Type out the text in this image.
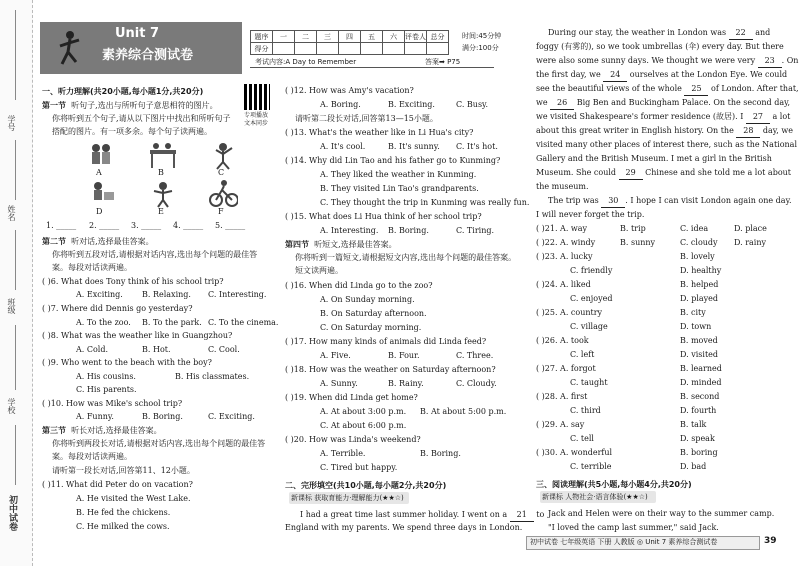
学号
姓名
班级
学校
初中试卷
Unit 7
素养综合测试卷
题序	一	二	三	四	五	六	评卷人	总分
得分								
时间:45分钟
满分:100分
考试内容:A Day to Remember	答案➡ P75
一、听力理解(共20小题,每小题1分,共20分)
专项播放
文本同步
第一节 听句子,选出与所听句子意思相符的图片。
你将听到五个句子,请从以下图片中找出和所听句子搭配的图片。有一项多余。每个句子读两遍。
A	B	C
D	E	F
1. _____ 2. _____ 3. _____ 4. _____ 5. _____
第二节 听对话,选择最佳答案。
你将听到五段对话,请根据对话内容,选出每个问题的最佳答案。每段对话读两遍。
( )6. What does Tony think of his school trip?
A. Exciting. B. Relaxing. C. Interesting.
( )7. Where did Dennis go yesterday?
A. To the zoo. B. To the park. C. To the cinema.
( )8. What was the weather like in Guangzhou?
A. Cold.	B. Hot.	C. Cool.
( )9. Who went to the beach with the boy?
A. His cousins.	B. His classmates.
C. His parents.
( )10. How was Mike's school trip?
A. Funny.	B. Boring.	C. Exciting.
第三节 听长对话,选择最佳答案。
你将听到两段长对话,请根据对话内容,选出每个问题的最佳答案。每段对话读两遍。
请听第一段长对话,回答第11、12小题。
( )11. What did Peter do on vacation?
A. He visited the West Lake.
B. He fed the chickens.
C. He milked the cows.
( )12. How was Amy's vacation?
A. Boring.	B. Exciting.	C. Busy.
请听第二段长对话,回答第13—15小题。
( )13. What's the weather like in Li Hua's city?
A. It's cool.	B. It's sunny. C. It's hot.
( )14. Why did Lin Tao and his father go to Kunming?
A. They liked the weather in Kunming.
B. They visited Lin Tao's grandparents.
C. They thought the trip in Kunming was really fun.
( )15. What does Li Hua think of her school trip?
A. Interesting. B. Boring.	C. Tiring.
第四节 听短文,选择最佳答案。
你将听到一篇短文,请根据短文内容,选出每个问题的最佳答案。短文读两遍。
( )16. When did Linda go to the zoo?
A. On Sunday morning.
B. On Saturday afternoon.
C. On Saturday morning.
( )17. How many kinds of animals did Linda feed?
A. Five.	B. Four.	C. Three.
( )18. How was the weather on Saturday afternoon?
A. Sunny.	B. Rainy.	C. Cloudy.
( )19. When did Linda get home?
A. At about 3:00 p.m. B. At about 5:00 p.m.
C. At about 6:00 p.m.
( )20. How was Linda's weekend?
A. Terrible.	B. Boring.
C. Tired but happy.
二、完形填空(共10小题,每小题2分,共20分)
新课标 获取育能力·理解能力(★★☆)
I had a great time last summer holiday. I went on a 21 to
England with my parents. We spend three days in London.
During our stay, the weather in London was 22 and
foggy (有雾的), so we took umbrellas (伞) every day. But there
were also some sunny days. We thought we were very 23 . On
the first day, we 24 ourselves at the London Eye. We could
see the beautiful views of the whole 25 of London. After that,
we 26 Big Ben and Buckingham Palace. On the second day,
we visited Shakespeare's former residence (故居). I 27 a lot
about this great writer in English history. On the 28 day, we
visited many other places of interest there, such as the National
Gallery and the British Museum. I met a girl in the British
Museum. She could 29 Chinese and she told me a lot about
the museum.
The trip was 30 . I hope I can visit London again one day.
I will never forget the trip.
( )21. A. way	B. trip	C. idea	D. place
( )22. A. windy	B. sunny	C. cloudy D. rainy
( )23. A. lucky	B. lovely
C. friendly	D. healthy
( )24. A. liked	B. helped
C. enjoyed	D. played
( )25. A. country	B. city
C. village	D. town
( )26. A. took	B. moved
C. left	D. visited
( )27. A. forgot	B. learned
C. taught	D. minded
( )28. A. first	B. second
C. third	D. fourth
( )29. A. say	B. talk
C. tell	D. speak
( )30. A. wonderful	B. boring
C. terrible	D. bad
三、阅读理解(共5小题,每小题4分,共20分)
新课标 人物社会·语言体验(★★☆)
Jack and Helen were on their way to the summer camp.
"I loved the camp last summer," said Jack.
初中试卷 七年级英语 下册 人教版 ◎ Unit 7 素养综合测试卷	39
